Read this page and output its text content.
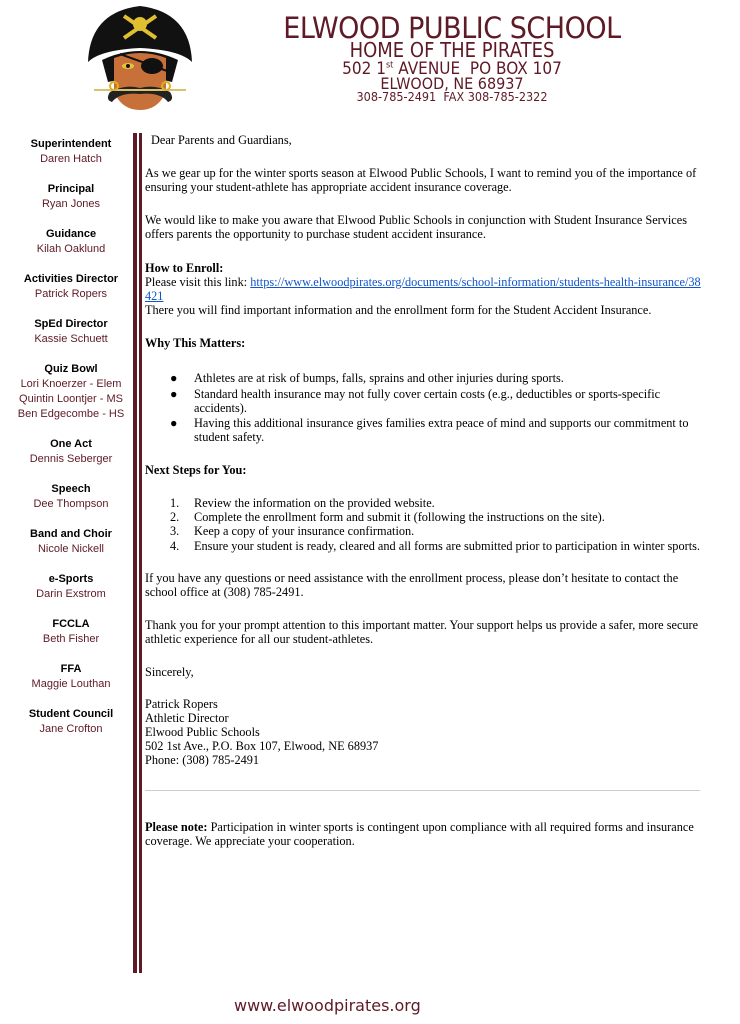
ELWOOD PUBLIC SCHOOL
HOME OF THE PIRATES
502 1st AVENUE  PO BOX 107
ELWOOD, NE 68937
308-785-2491  FAX 308-785-2322
Superintendent
Daren Hatch
Principal
Ryan Jones
Guidance
Kilah Oaklund
Activities Director
Patrick Ropers
SpEd Director
Kassie Schuett
Quiz Bowl
Lori Knoerzer - Elem
Quintin Loontjer - MS
Ben Edgecombe - HS
One Act
Dennis Seberger
Speech
Dee Thompson
Band and Choir
Nicole Nickell
e-Sports
Darin Exstrom
FCCLA
Beth Fisher
FFA
Maggie Louthan
Student Council
Jane Crofton
Dear Parents and Guardians,
As we gear up for the winter sports season at Elwood Public Schools, I want to remind you of the importance of ensuring your student-athlete has appropriate accident insurance coverage.
We would like to make you aware that Elwood Public Schools in conjunction with Student Insurance Services offers parents the opportunity to purchase student accident insurance.
How to Enroll:
Please visit this link: https://www.elwoodpirates.org/documents/school-information/students-health-insurance/38421
There you will find important information and the enrollment form for the Student Accident Insurance.
Why This Matters:
Next Steps for You:
If you have any questions or need assistance with the enrollment process, please don’t hesitate to contact the school office at (308) 785-2491.
Thank you for your prompt attention to this important matter. Your support helps us provide a safer, more secure athletic experience for all our student-athletes.
Sincerely,
Patrick Ropers
Athletic Director
Elwood Public Schools
502 1st Ave., P.O. Box 107, Elwood, NE 68937
Phone: (308) 785-2491
Please note: Participation in winter sports is contingent upon compliance with all required forms and insurance coverage. We appreciate your cooperation.
www.elwoodpirates.org
● Athletes are at risk of bumps, falls, sprains and other injuries during sports.
● Standard health insurance may not fully cover certain costs (e.g., deductibles or sports-specific accidents).
● Having this additional insurance gives families extra peace of mind and supports our commitment to student safety.
1. Review the information on the provided website.
2. Complete the enrollment form and submit it (following the instructions on the site).
3. Keep a copy of your insurance confirmation.
4. Ensure your student is ready, cleared and all forms are submitted prior to participation in winter sports.
